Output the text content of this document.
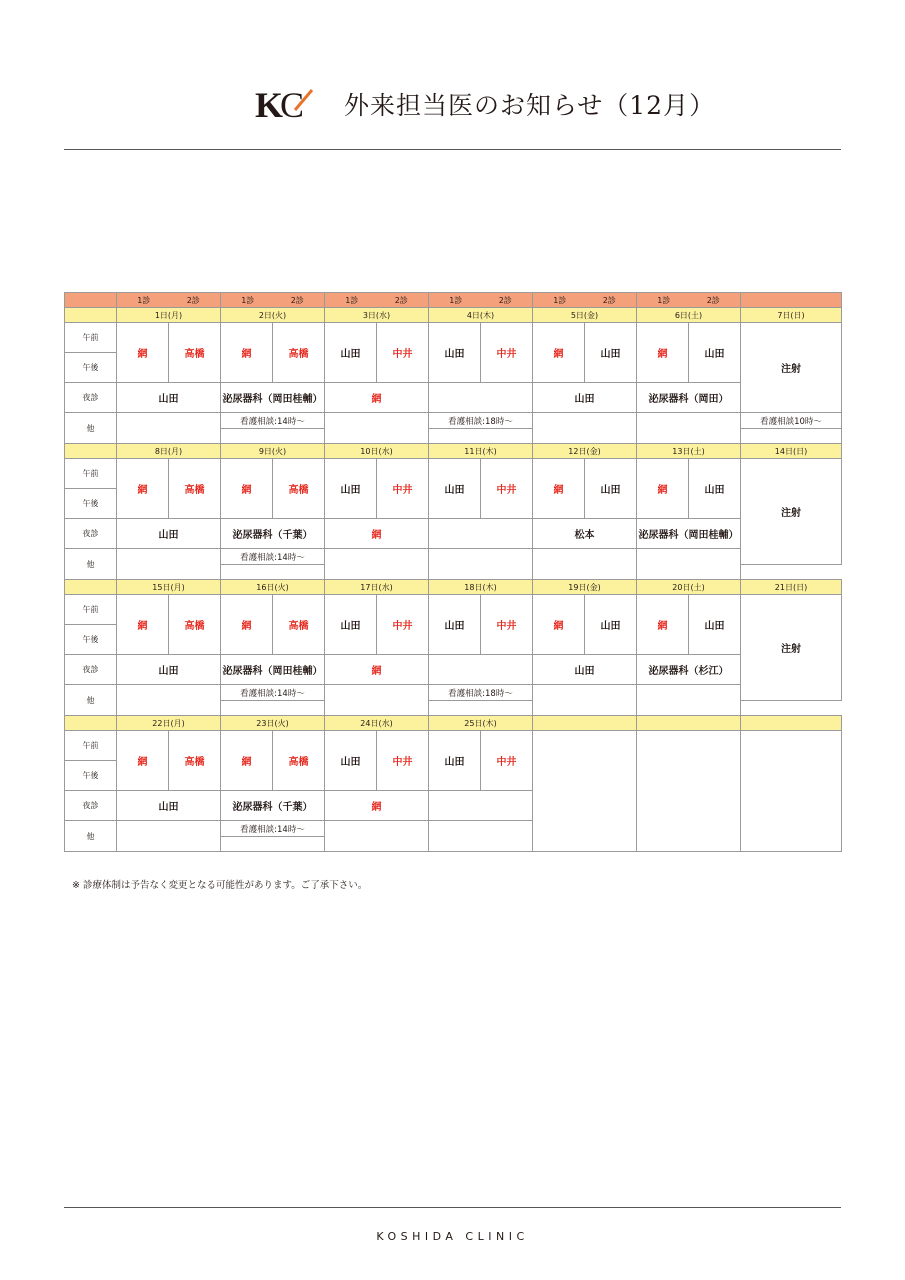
K
C 外来担当医のお知らせ（12月）

	1診 2診		1診 2診		1診 2診		1診 2診		1診 2診		1診 2診		

	1日(月)		2日(火)		3日(水)		4日(木)		5日(金)		6日(土)		7日(日)
午前	網	高橋	網	高橋	山田	中井	山田	中井	網	山田	網	山田	注射
午後													
夜診	山田		泌尿器科（岡田桂輔）		網				山田		泌尿器科（岡田）		
他			看護相談:14時～				看護相談:18時～						看護相談10時～

	8日(月)		9日(火)		10日(水)		11日(木)		12日(金)		13日(土)		14日(日)
午前	網	高橋	網	高橋	山田	中井	山田	中井	網	山田	網	山田	注射
午後													
夜診	山田		泌尿器科（千葉）		網				松本		泌尿器科（岡田桂輔）		
他			看護相談:14時～										

	15日(月)		16日(火)		17日(水)		18日(木)		19日(金)		20日(土)		21日(日)
午前	網	高橋	網	高橋	山田	中井	山田	中井	網	山田	網	山田	注射
午後													
夜診	山田		泌尿器科（岡田桂輔）		網				山田		泌尿器科（杉江）		
他			看護相談:14時～				看護相談:18時～						

	22日(月)		23日(火)		24日(水)		25日(木)						
午前	網	高橋	網	高橋	山田	中井	山田	中井					
午後													
夜診	山田		泌尿器科（千葉）		網								
他			看護相談:14時～										

※ 診療体制は予告なく変更となる可能性があります。ご了承下さい。
KOSHIDA CLINIC
